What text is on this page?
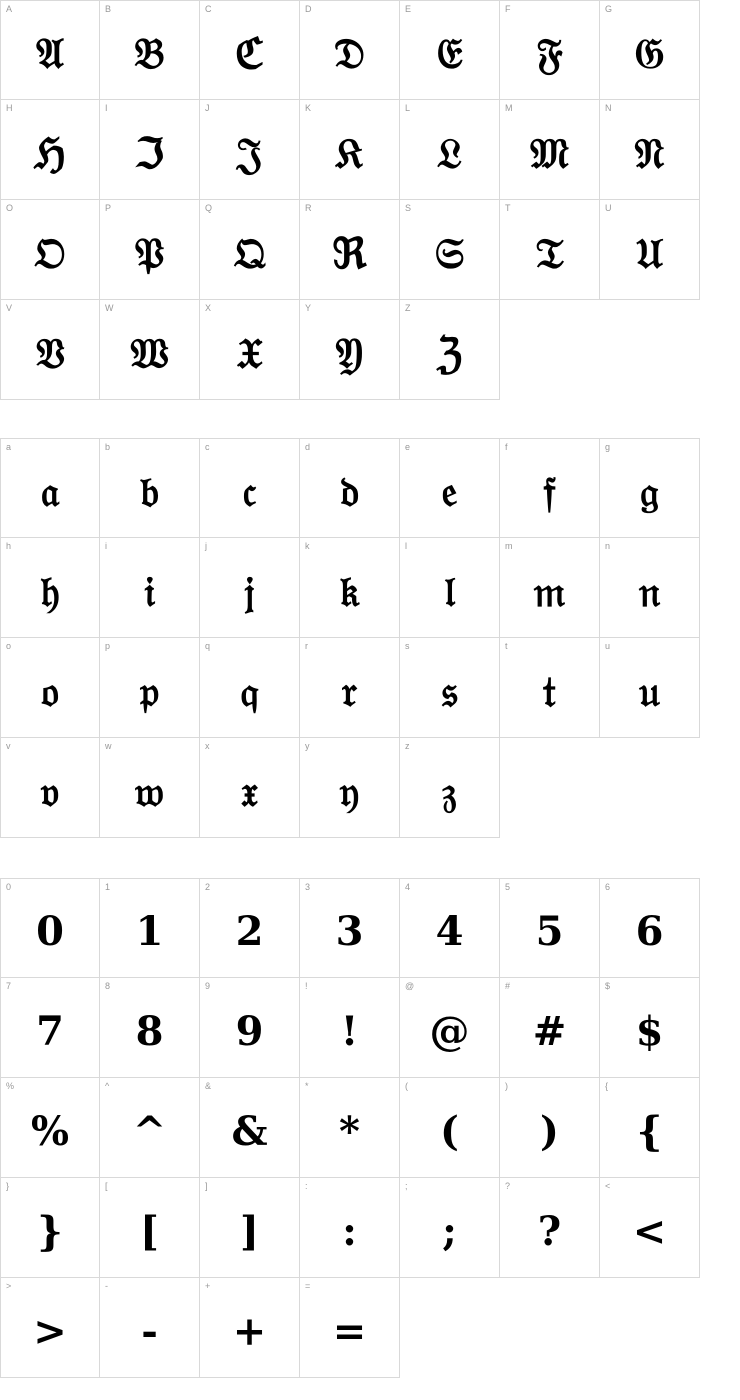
A
𝔄
B
𝔅
C
ℭ
D
𝔇
E
𝔈
F
𝔉
G
𝔊
H
ℌ
I
ℑ
J
𝔍
K
𝔎
L
𝔏
M
𝔐
N
𝔑
O
𝔒
P
𝔓
Q
𝔔
R
ℜ
S
𝔖
T
𝔗
U
𝔘
V
𝔙
W
𝔚
X
𝔛
Y
𝔜
Z
ℨ
a
𝔞
b
𝔟
c
𝔠
d
𝔡
e
𝔢
f
𝔣
g
𝔤
h
𝔥
i
𝔦
j
𝔧
k
𝔨
l
𝔩
m
𝔪
n
𝔫
o
𝔬
p
𝔭
q
𝔮
r
𝔯
s
𝔰
t
𝔱
u
𝔲
v
𝔳
w
𝔴
x
𝔵
y
𝔶
z
𝔷
0
0
1
1
2
2
3
3
4
4
5
5
6
6
7
7
8
8
9
9
!
!
@
@
#
#
$
$
%
%
^
^
&
&
*
*
(
(
)
)
{
{
}
}
[
[
]
]
:
:
;
;
?
?
<
<
>
>
-
-
+
+
=
=
